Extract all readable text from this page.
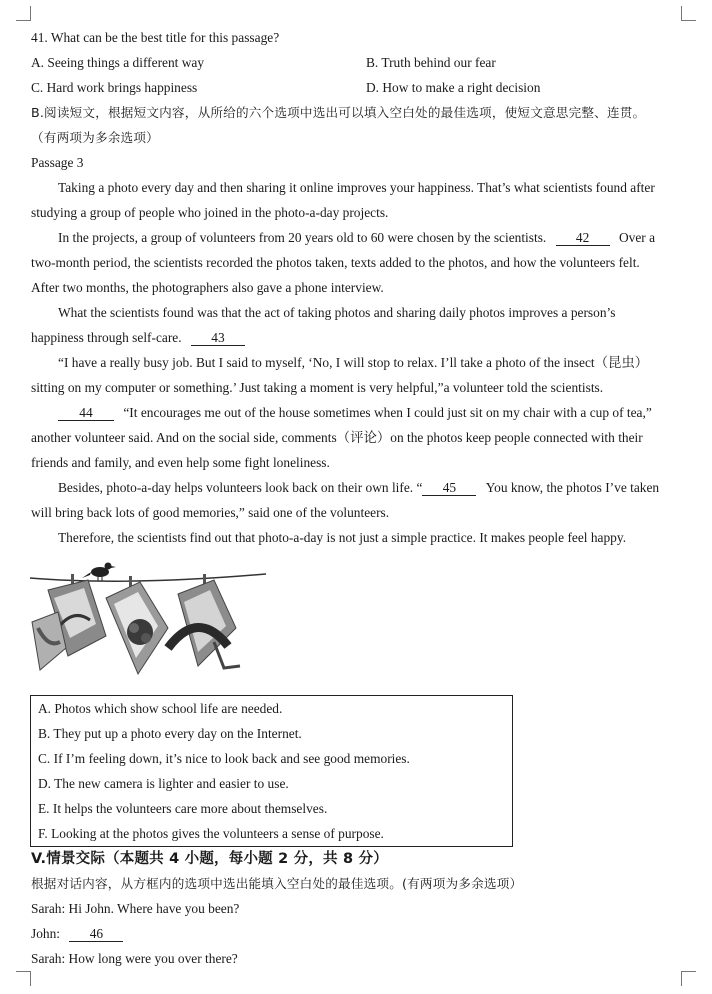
41. What can be the best title for this passage?
A. Seeing things a different way	B. Truth behind our fear
C. Hard work brings happiness	D. How to make a right decision
B.阅读短文，根据短文内容，从所给的六个选项中选出可以填入空白处的最佳选项，使短文意思完整、连贯。
（有两项为多余选项）
Passage 3
Taking a photo every day and then sharing it online improves your happiness. That’s what scientists found after
studying a group of people who joined in the photo-a-day projects.
In the projects, a group of volunteers from 20 years old to 60 were chosen by the scientists. 42 Over a
two-month period, the scientists recorded the photos taken, texts added to the photos, and how the volunteers felt.
After two months, the photographers also gave a phone interview.
What the scientists found was that the act of taking photos and sharing daily photos improves a person’s
happiness through self-care. 43
“I have a really busy job. But I said to myself, ‘No, I will stop to relax. I’ll take a photo of the insect（昆虫）
sitting on my computer or something.’ Just taking a moment is very helpful,”a volunteer told the scientists.
44 “It encourages me out of the house sometimes when I could just sit on my chair with a cup of tea,”
another volunteer said. And on the social side, comments（评论）on the photos keep people connected with their
friends and family, and even help some fight loneliness.
Besides, photo-a-day helps volunteers look back on their own life. “ 45 You know, the photos I’ve taken
will bring back lots of good memories,” said one of the volunteers.
Therefore, the scientists find out that photo-a-day is not just a simple practice. It makes people feel happy.
A. Photos which show school life are needed.
B. They put up a photo every day on the Internet.
C. If I’m feeling down, it’s nice to look back and see good memories.
D. The new camera is lighter and easier to use.
E. It helps the volunteers care more about themselves.
F. Looking at the photos gives the volunteers a sense of purpose.
V.情景交际（本题共 4 小题，每小题 2 分，共 8 分）
根据对话内容，从方框内的选项中选出能填入空白处的最佳选项。(有两项为多余选项）
Sarah: Hi John. Where have you been?
John: 46
Sarah: How long were you over there?
